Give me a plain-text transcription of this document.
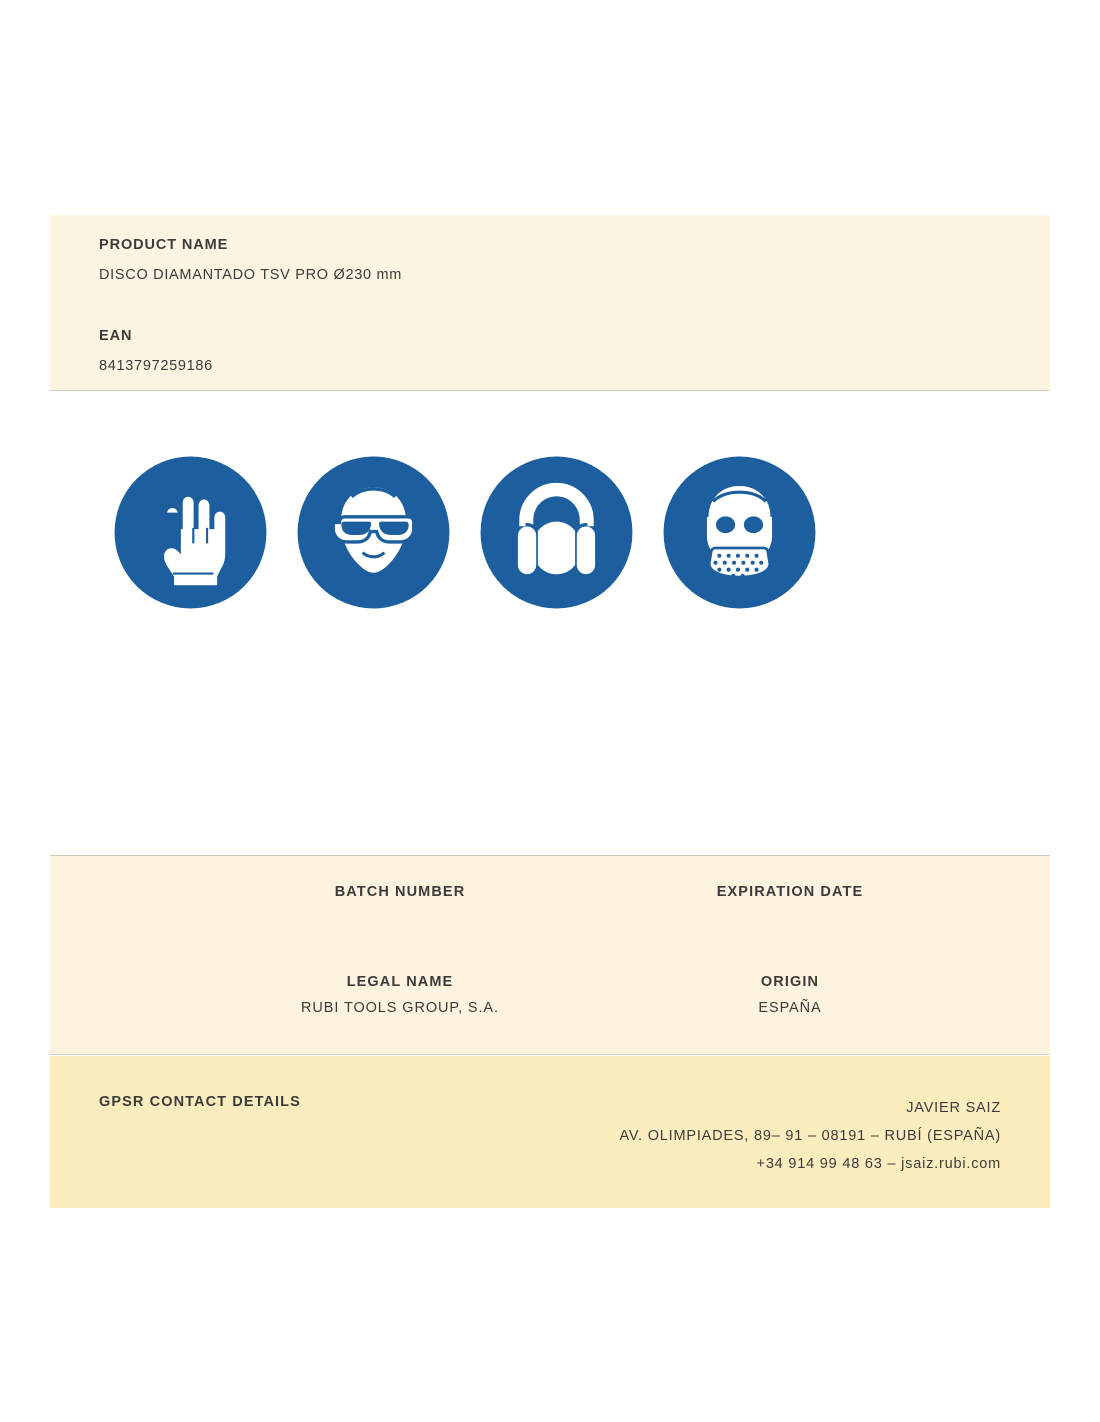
PRODUCT NAME
DISCO DIAMANTADO TSV PRO Ø230 mm
EAN
8413797259186
BATCH NUMBER	EXPIRATION DATE
LEGAL NAME
RUBI TOOLS GROUP, S.A.
ORIGIN
ESPAÑA
GPSR CONTACT DETAILS	JAVIER SAIZ
AV. OLIMPIADES, 89– 91 – 08191 – RUBÍ (ESPAÑA)
+34 914 99 48 63 – jsaiz.rubi.com
